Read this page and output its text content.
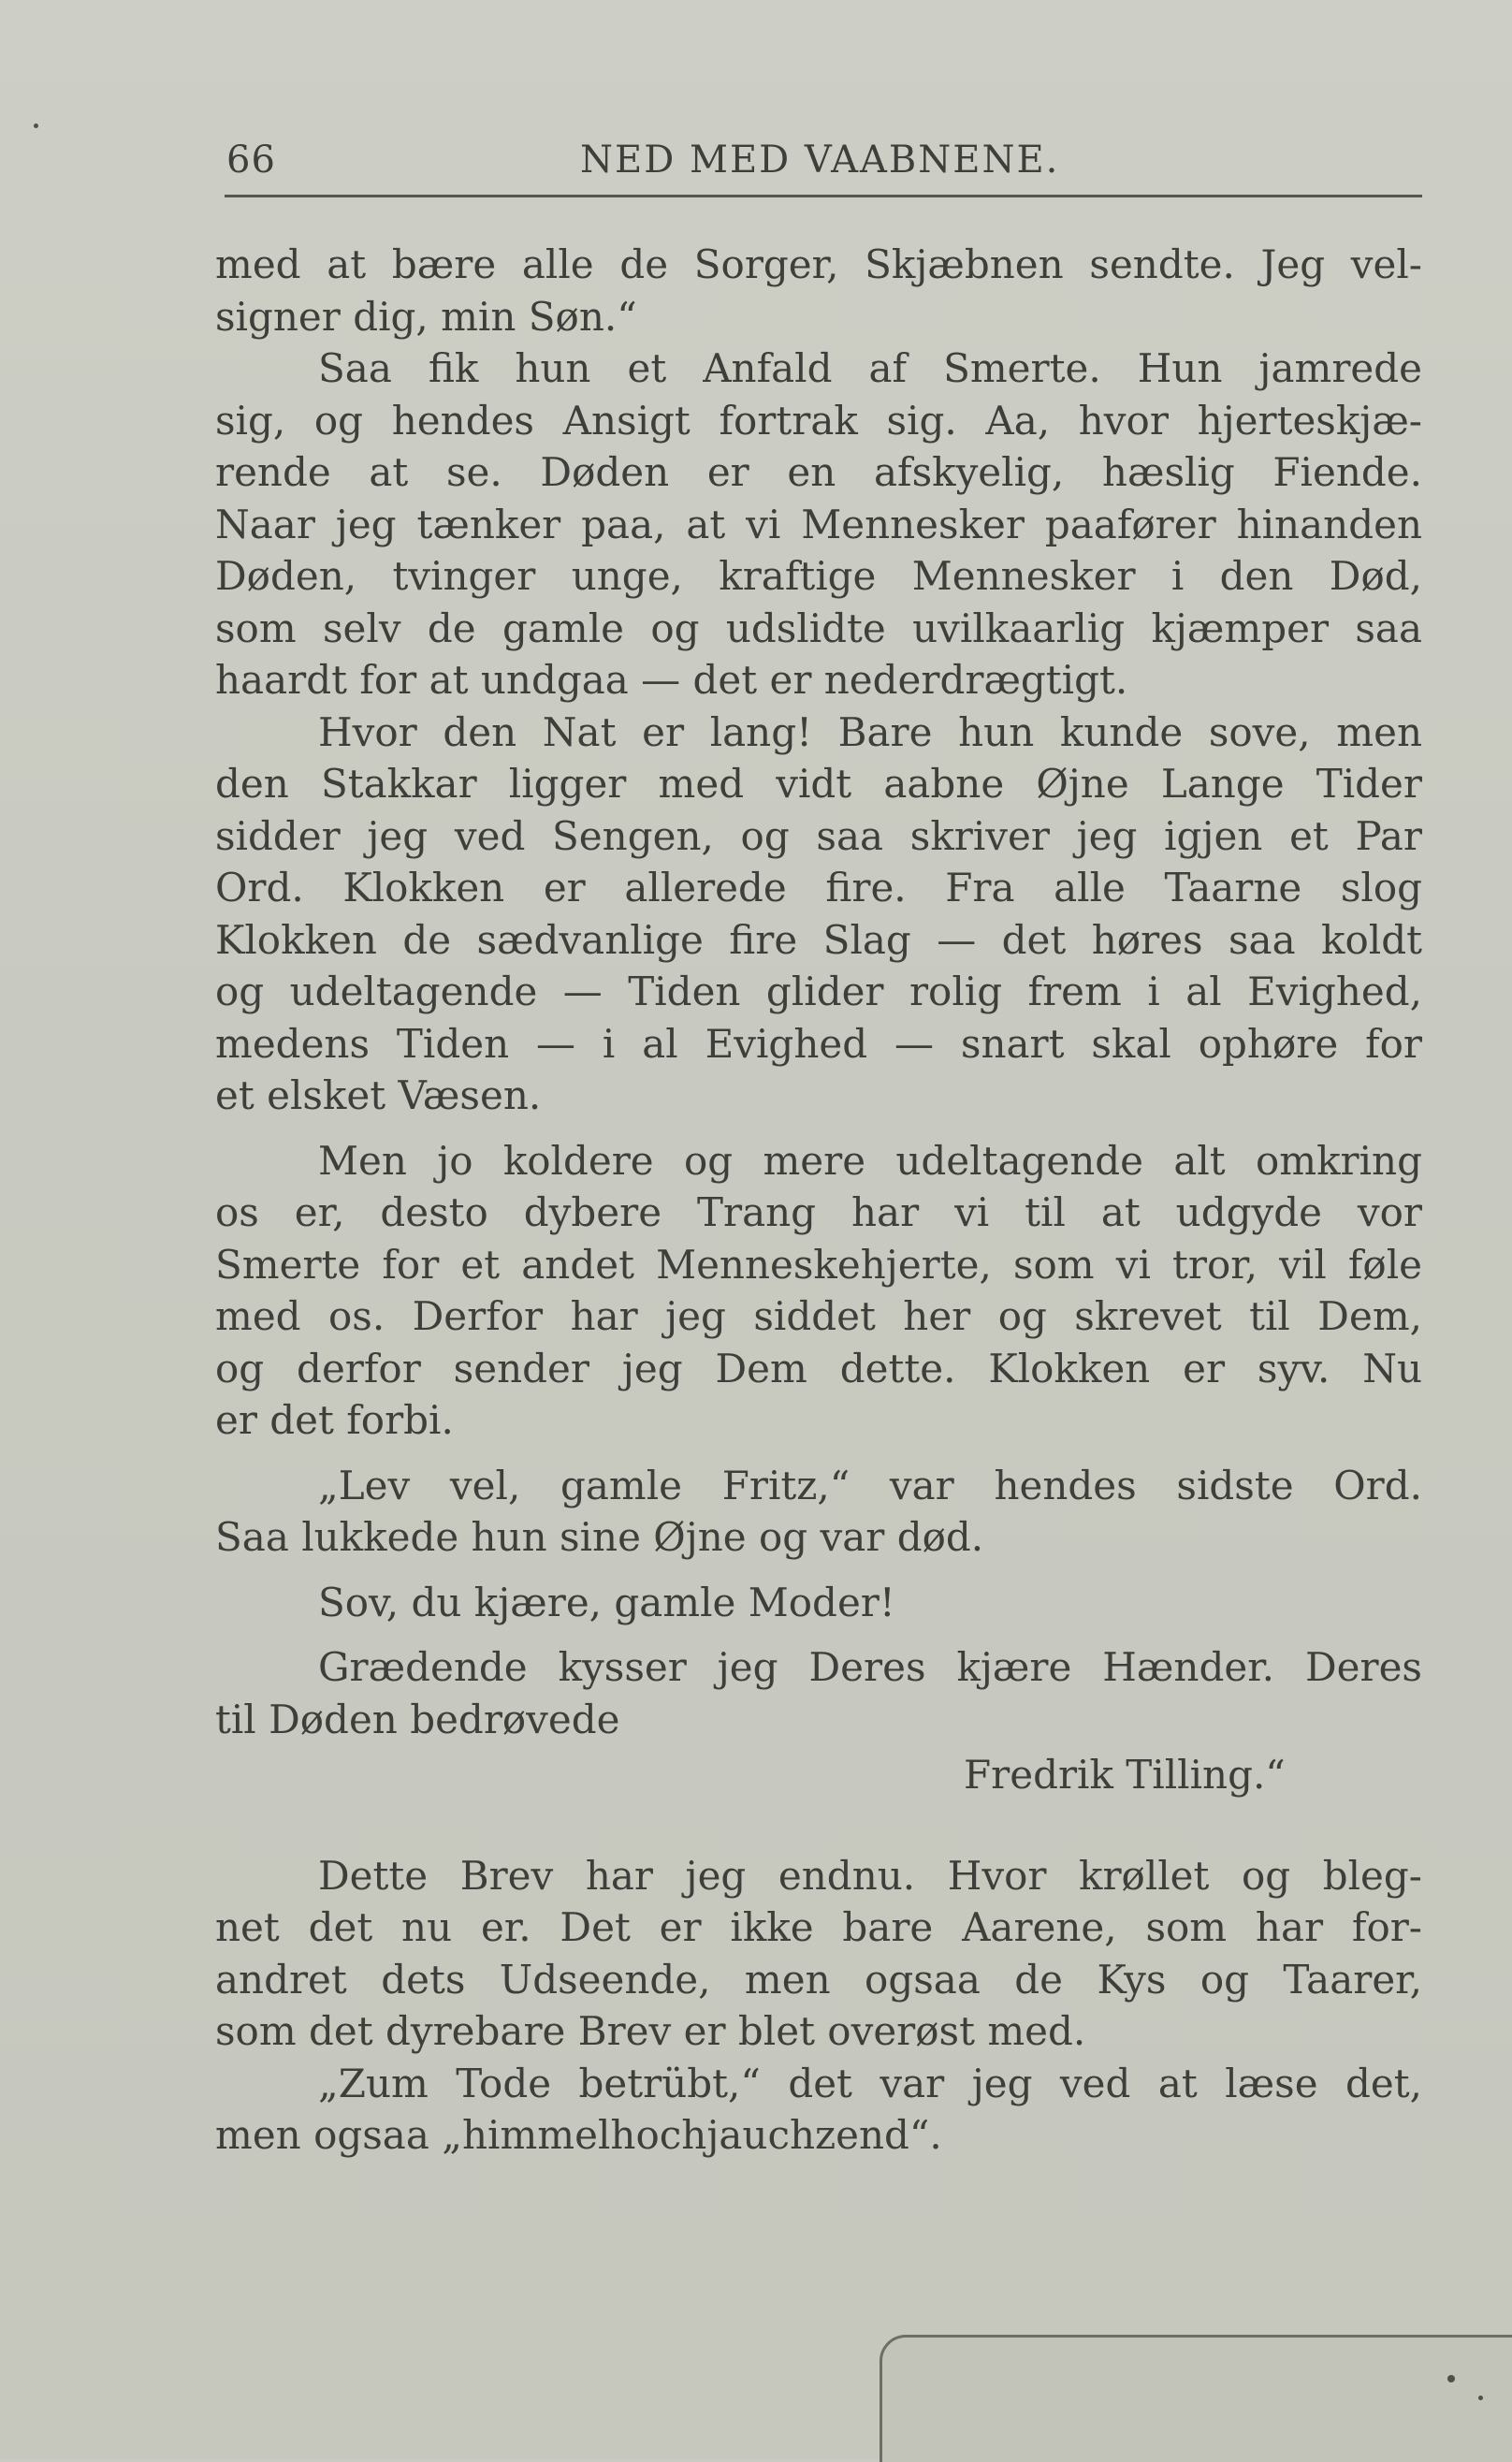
66	NED MED VAABNENE.
med at bære alle de Sorger, Skjæbnen sendte. Jeg vel-
signer dig, min Søn.“
Saa fik hun et Anfald af Smerte. Hun jamrede
sig, og hendes Ansigt fortrak sig. Aa, hvor hjerteskjæ-
rende at se. Døden er en afskyelig, hæslig Fiende.
Naar jeg tænker paa, at vi Mennesker paafører hinanden
Døden, tvinger unge, kraftige Mennesker i den Død,
som selv de gamle og udslidte uvilkaarlig kjæmper saa
haardt for at undgaa — det er nederdrægtigt.
Hvor den Nat er lang! Bare hun kunde sove, men
den Stakkar ligger med vidt aabne Øjne Lange Tider
sidder jeg ved Sengen, og saa skriver jeg igjen et Par
Ord. Klokken er allerede fire. Fra alle Taarne slog
Klokken de sædvanlige fire Slag — det høres saa koldt
og udeltagende — Tiden glider rolig frem i al Evighed,
medens Tiden — i al Evighed — snart skal ophøre for
et elsket Væsen.
Men jo koldere og mere udeltagende alt omkring
os er, desto dybere Trang har vi til at udgyde vor
Smerte for et andet Menneskehjerte, som vi tror, vil føle
med os. Derfor har jeg siddet her og skrevet til Dem,
og derfor sender jeg Dem dette. Klokken er syv. Nu
er det forbi.
„Lev vel, gamle Fritz,“ var hendes sidste Ord.
Saa lukkede hun sine Øjne og var død.
Sov, du kjære, gamle Moder!
Grædende kysser jeg Deres kjære Hænder. Deres
til Døden bedrøvede
Fredrik Tilling.“
Dette Brev har jeg endnu. Hvor krøllet og bleg-
net det nu er. Det er ikke bare Aarene, som har for-
andret dets Udseende, men ogsaa de Kys og Taarer,
som det dyrebare Brev er blet overøst med.
„Zum Tode betrübt,“ det var jeg ved at læse det,
men ogsaa „himmelhochjauchzend“.
